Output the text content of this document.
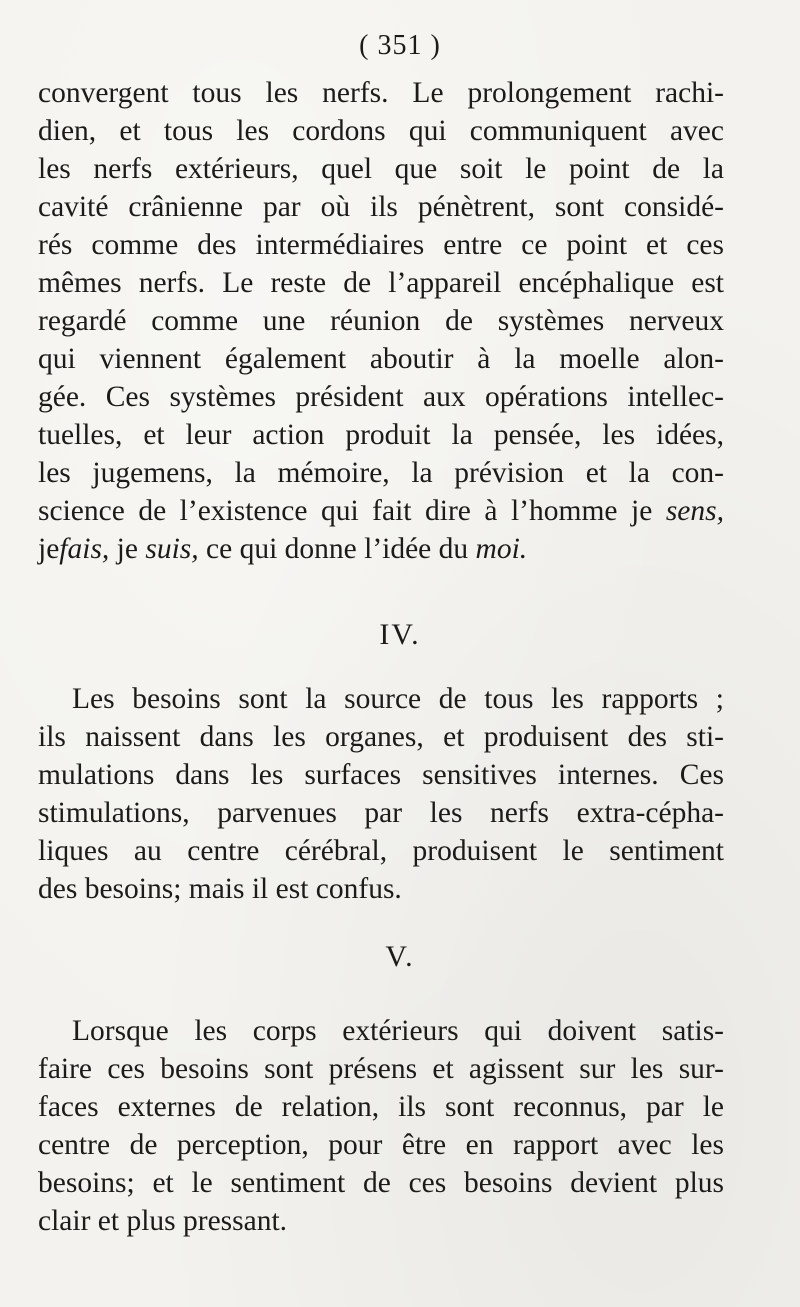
( 351 )
convergent tous les nerfs. Le prolongement rachi-
dien, et tous les cordons qui communiquent avec
les nerfs extérieurs, quel que soit le point de la
cavité crânienne par où ils pénètrent, sont considé-
rés comme des intermédiaires entre ce point et ces
mêmes nerfs. Le reste de l’appareil encéphalique est
regardé comme une réunion de systèmes nerveux
qui viennent également aboutir à la moelle alon-
gée. Ces systèmes président aux opérations intellec-
tuelles, et leur action produit la pensée, les idées,
les jugemens, la mémoire, la prévision et la con-
science de l’existence qui fait dire à l’homme je sens,
jefais, je suis, ce qui donne l’idée du moi.
IV.
Les besoins sont la source de tous les rapports ;
ils naissent dans les organes, et produisent des sti-
mulations dans les surfaces sensitives internes. Ces
stimulations, parvenues par les nerfs extra-cépha-
liques au centre cérébral, produisent le sentiment
des besoins; mais il est confus.
V.
Lorsque les corps extérieurs qui doivent satis-
faire ces besoins sont présens et agissent sur les sur-
faces externes de relation, ils sont reconnus, par le
centre de perception, pour être en rapport avec les
besoins; et le sentiment de ces besoins devient plus
clair et plus pressant.
